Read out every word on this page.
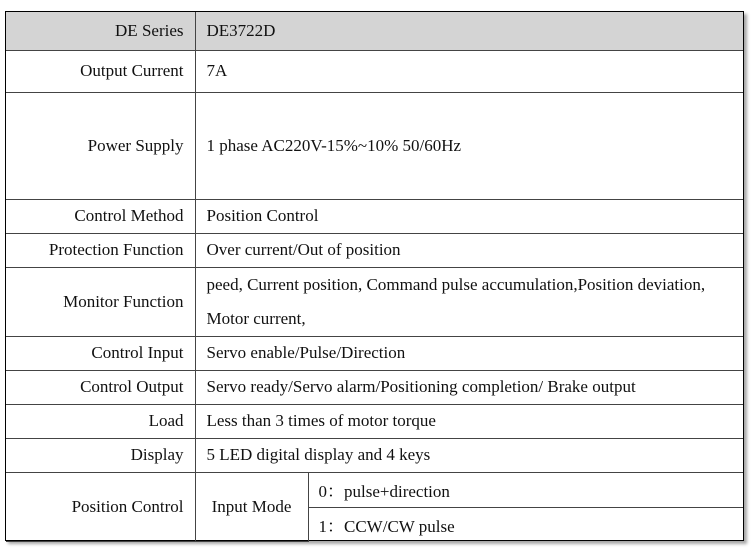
DE Series	DE3722D	
Output Current	7A	
Power Supply	1 phase AC220V-15%~10% 50/60Hz	
Control Method	Position Control	
Protection Function	Over current/Out of position	
Monitor Function	peed, Current position, Command pulse accumulation,Position deviation, Motor current,	
Control Input	Servo enable/Pulse/Direction	
Control Output	Servo ready/Servo alarm/Positioning completion/ Brake output	
Load	Less than 3 times of motor torque	
Display	5 LED digital display and 4 keys	
Position Control	Input Mode	0：pulse+direction
		1：CCW/CW pulse
